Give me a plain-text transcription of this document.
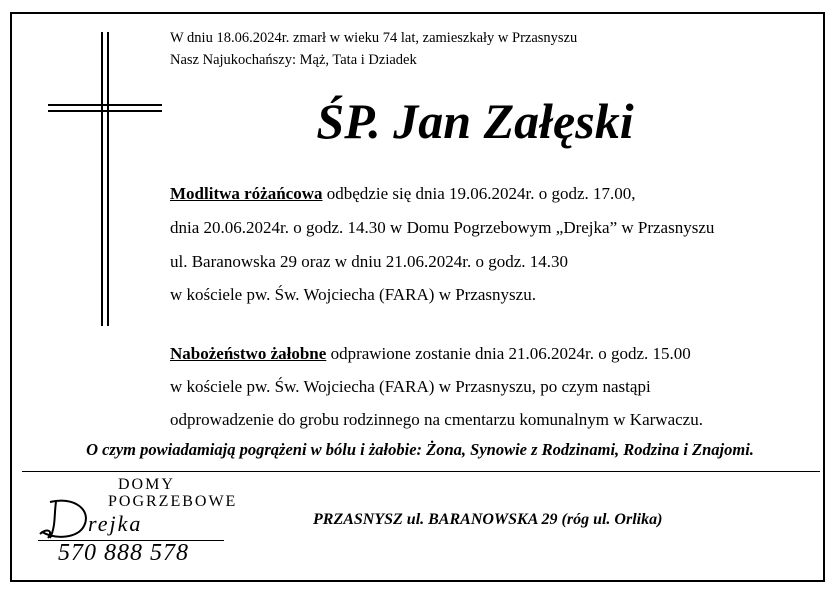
W dniu 18.06.2024r. zmarł w wieku 74 lat, zamieszkały w Przasnyszu
Nasz Najukochańszy: Mąż, Tata i Dziadek
ŚP. Jan Załęski
Modlitwa różańcowa odbędzie się dnia 19.06.2024r. o godz. 17.00,
dnia 20.06.2024r. o godz. 14.30 w Domu Pogrzebowym „Drejka” w Przasnyszu
ul. Baranowska 29 oraz w dniu 21.06.2024r. o godz. 14.30
w kościele pw. Św. Wojciecha (FARA) w Przasnyszu.
Nabożeństwo żałobne odprawione zostanie dnia 21.06.2024r. o godz. 15.00
w kościele pw. Św. Wojciecha (FARA) w Przasnyszu, po czym nastąpi
odprowadzenie do grobu rodzinnego na cmentarzu komunalnym w Karwaczu.
O czym powiadamiają pogrążeni w bólu i żałobie: Żona, Synowie z Rodzinami, Rodzina i Znajomi.
DOMY
POGRZEBOWE
D
rejka
570 888 578
PRZASNYSZ ul. BARANOWSKA 29 (róg ul. Orlika)
